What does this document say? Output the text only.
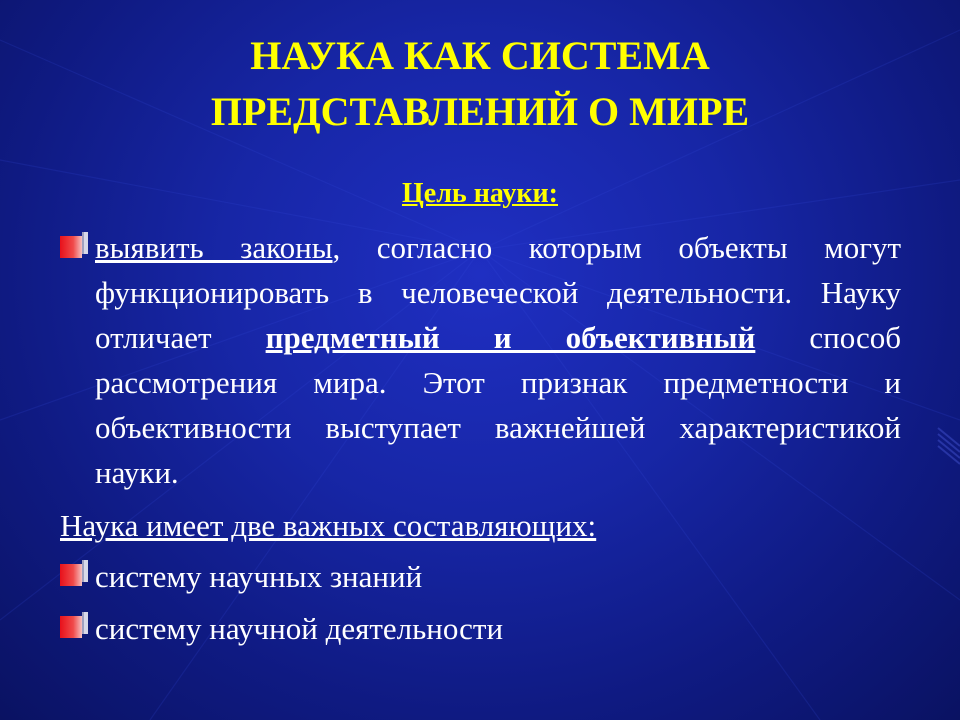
НАУКА КАК СИСТЕМА
ПРЕДСТАВЛЕНИЙ О МИРЕ
Цель науки:
выявить законы, согласно которым объекты могут функционировать в человеческой деятельности. Науку отличает предметный и объективный способ рассмотрения мира. Этот признак предметности и объективности выступает важнейшей характеристикой науки.
Наука имеет две важных составляющих:
систему научных знаний
систему научной деятельности
